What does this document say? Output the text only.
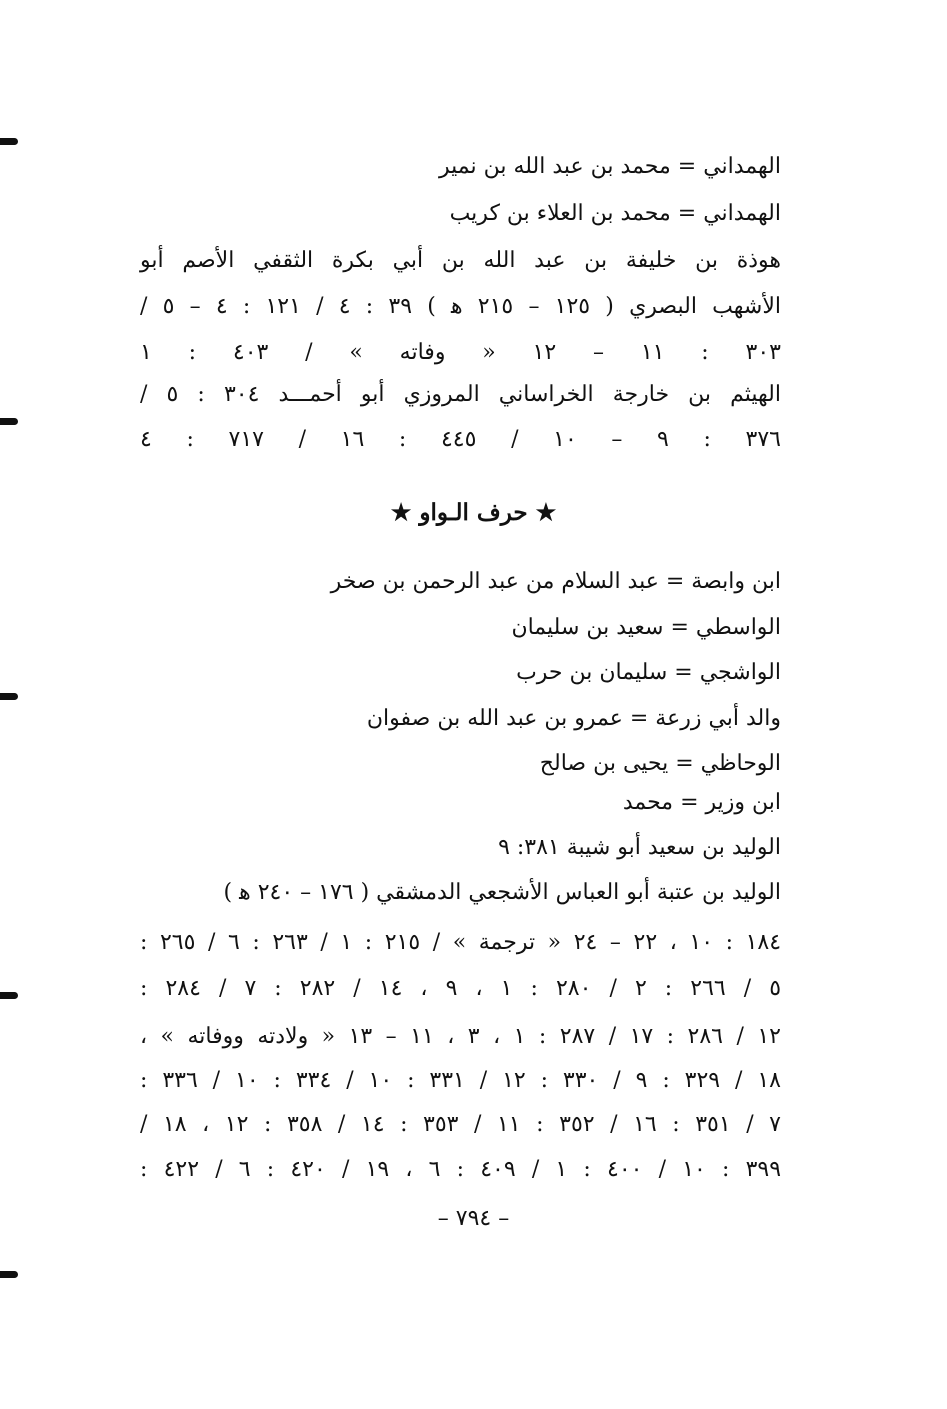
الهمداني = محمد بن عبد الله بن نمير
الهمداني = محمد بن العلاء بن كريب
هوذة بن خليفة بن عبد الله بن أبي بكرة الثقفي الأصم أبو
الأشهب البصري ( ١٢٥ – ٢١٥ ﻫ ) ٣٩ : ٤ / ١٢١ : ٤ – ٥ /
٣٠٣ : ١١ – ١٢ « وفاته » / ٤٠٣ : ١
الهيثم بن خارجة الخراساني المروزي أبو أحمـــد ٣٠٤ : ٥ /
٣٧٦ : ٩ – ١٠ / ٤٤٥ : ١٦ / ٧١٧ : ٤
★ حرف الـواو ★
ابن وابصة = عبد السلام من عبد الرحمن بن صخر
الواسطي = سعيد بن سليمان
الواشجي = سليمان بن حرب
والد أبي زرعة = عمرو بن عبد الله بن صفوان
الوحاظي = يحيى بن صالح
ابن وزير = محمد
الوليد بن سعيد أبو شيبة ٣٨١: ٩
الوليد بن عتبة أبو العباس الأشجعي الدمشقي ( ١٧٦ – ٢٤٠ ﻫ )
١٨٤ : ١٠ ، ٢٢ – ٢٤ « ترجمة » / ٢١٥ : ١ / ٢٦٣ : ٦ / ٢٦٥ :
٥ / ٢٦٦ : ٢ / ٢٨٠ : ١ ، ٩ ، ١٤ / ٢٨٢ : ٧ / ٢٨٤ :
١٢ / ٢٨٦ : ١٧ / ٢٨٧ : ١ ، ٣ ، ١١ – ١٣ « ولادته ووفاته » ،
١٨ / ٣٢٩ : ٩ / ٣٣٠ : ١٢ / ٣٣١ : ١٠ / ٣٣٤ : ١٠ / ٣٣٦ :
٧ / ٣٥١ : ١٦ / ٣٥٢ : ١١ / ٣٥٣ : ١٤ / ٣٥٨ : ١٢ ، ١٨ /
٣٩٩ : ١٠ / ٤٠٠ : ١ / ٤٠٩ : ٦ ، ١٩ / ٤٢٠ : ٦ / ٤٢٢ :
– ٧٩٤ –
